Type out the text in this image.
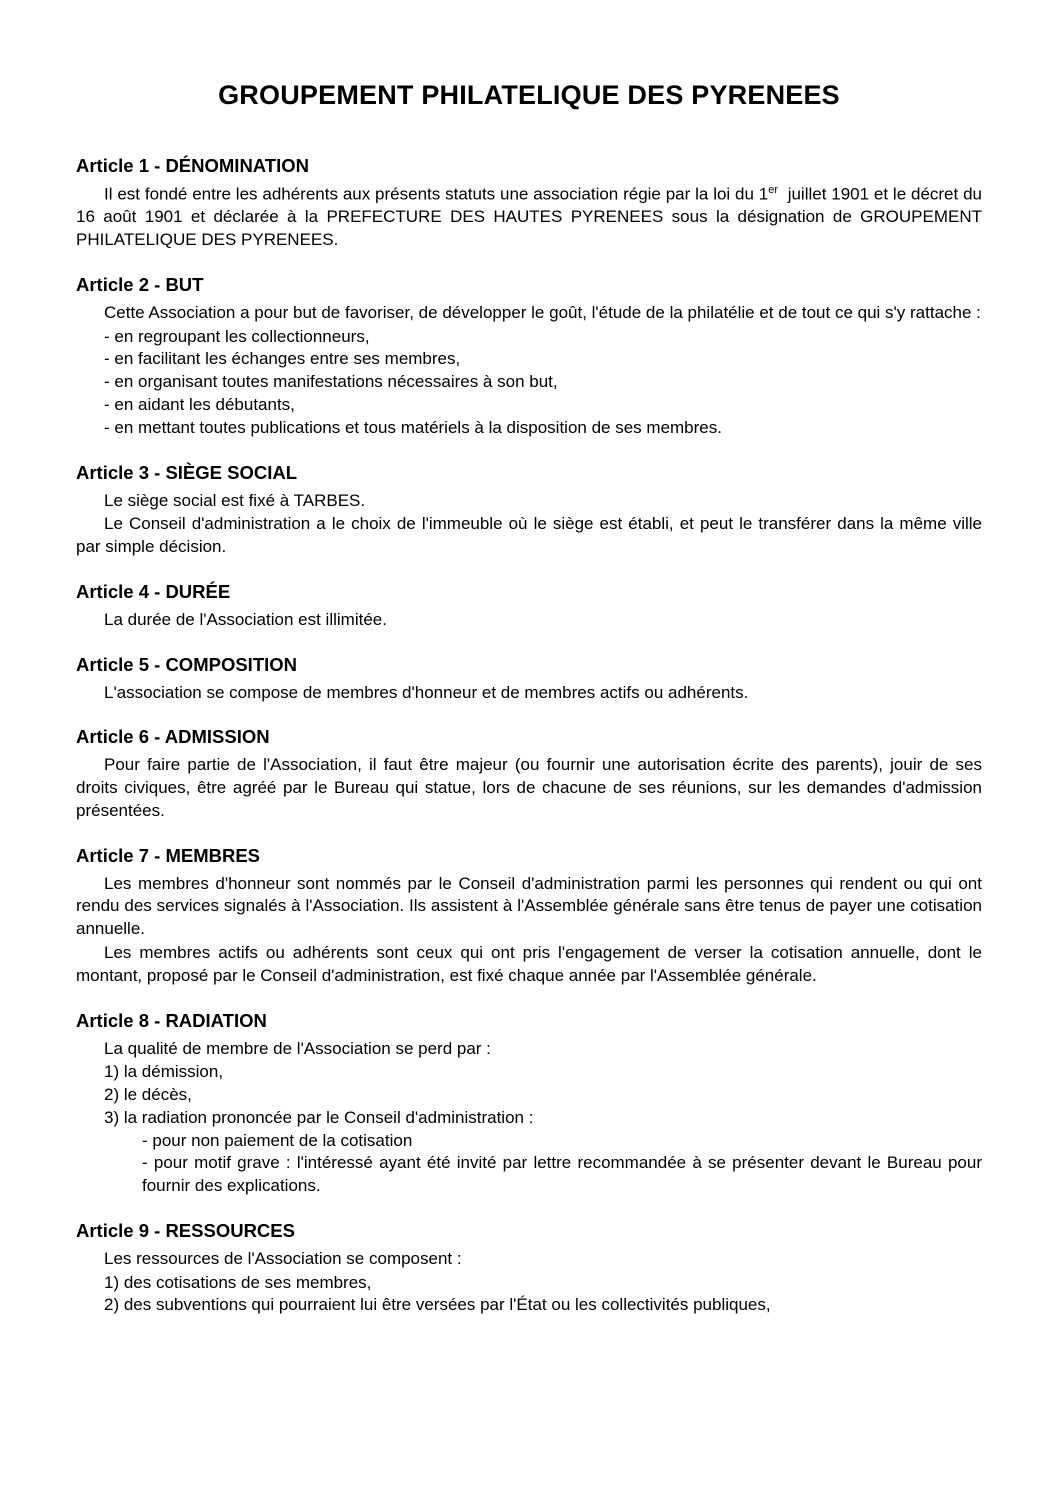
GROUPEMENT PHILATELIQUE DES PYRENEES
Article 1 - DÉNOMINATION

Il est fondé entre les adhérents aux présents statuts une association régie par la loi du 1er juillet 1901 et le décret du 16 août 1901 et déclarée à la PREFECTURE DES HAUTES PYRENEES sous la désignation de GROUPEMENT PHILATELIQUE DES PYRENEES.

Article 2 - BUT

Cette Association a pour but de favoriser, de développer le goût, l'étude de la philatélie et de tout ce qui s'y rattache :

- en regroupant les collectionneurs,
- en facilitant les échanges entre ses membres,
- en organisant toutes manifestations nécessaires à son but,
- en aidant les débutants,
- en mettant toutes publications et tous matériels à la disposition de ses membres.
Article 3 - SIÈGE SOCIAL

Le siège social est fixé à TARBES.

Le Conseil d'administration a le choix de l'immeuble où le siège est établi, et peut le transférer dans la même ville par simple décision.

Article 4 - DURÉE

La durée de l'Association est illimitée.

Article 5 - COMPOSITION

L'association se compose de membres d'honneur et de membres actifs ou adhérents.

Article 6 - ADMISSION

Pour faire partie de l'Association, il faut être majeur (ou fournir une autorisation écrite des parents), jouir de ses droits civiques, être agréé par le Bureau qui statue, lors de chacune de ses réunions, sur les demandes d'admission présentées.

Article 7 - MEMBRES

Les membres d'honneur sont nommés par le Conseil d'administration parmi les personnes qui rendent ou qui ont rendu des services signalés à l'Association. Ils assistent à l'Assemblée générale sans être tenus de payer une cotisation annuelle.

Les membres actifs ou adhérents sont ceux qui ont pris l'engagement de verser la cotisation annuelle, dont le montant, proposé par le Conseil d'administration, est fixé chaque année par l'Assemblée générale.

Article 8 - RADIATION

La qualité de membre de l'Association se perd par :

1) la démission,
2) le décès,
3) la radiation prononcée par le Conseil d'administration :
- pour non paiement de la cotisation
- pour motif grave : l'intéressé ayant été invité par lettre recommandée à se présenter devant le Bureau pour fournir des explications.
Article 9 - RESSOURCES

Les ressources de l'Association se composent :

1) des cotisations de ses membres,
2) des subventions qui pourraient lui être versées par l'État ou les collectivités publiques,
